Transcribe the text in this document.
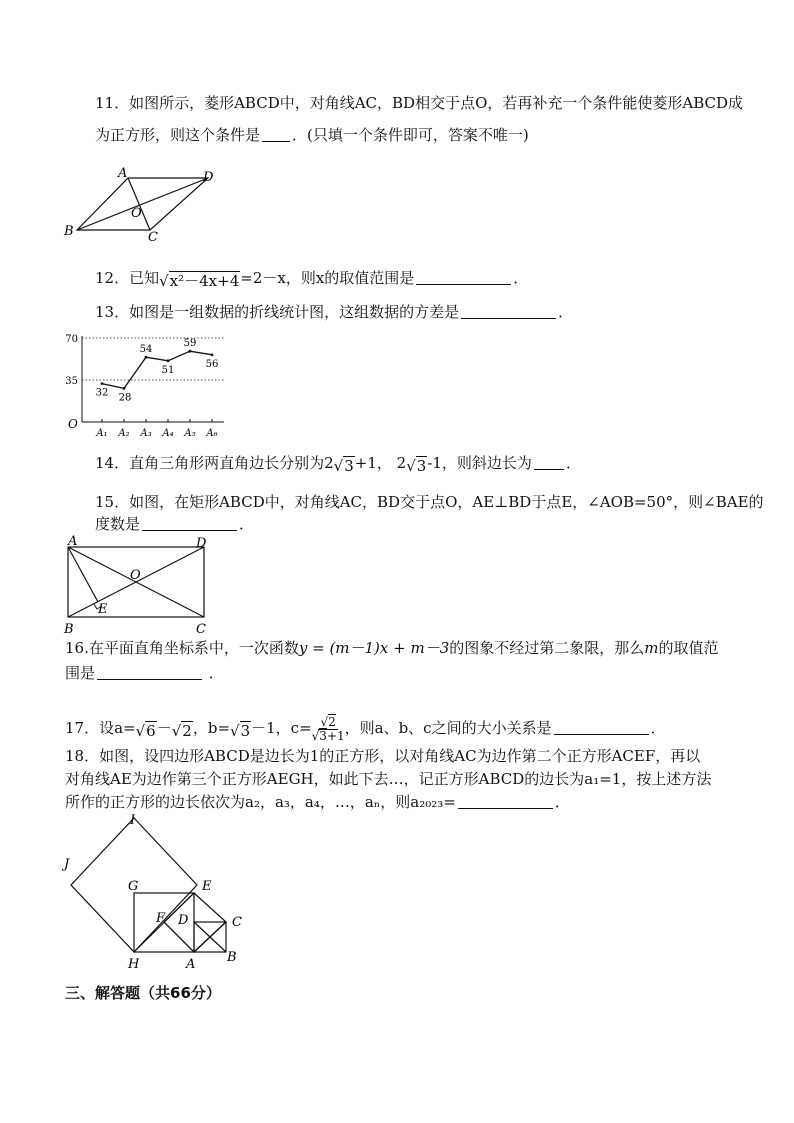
11．如图所示，菱形ABCD中，对角线AC，BD相交于点O，若再补充一个条件能使菱形ABCD成
为正方形，则这个条件是 ．(只填一个条件即可，答案不唯一)
A	D
B	C
O
12．已知√x²－4x+4=2－x，则x的取值范围是	．
13．如图是一组数据的折线统计图，这组数据的方差是	．
35
70
O
32
A₁
28
A₂
54
A₃
51
A₄
59
A₅
56
A₆
14．直角三角形两直角边长分别为2√3+1， 2√3-1，则斜边长为 ．
15．如图，在矩形ABCD中，对角线AC，BD交于点O，AE⊥BD于点E，∠AOB=50°，则∠BAE的
度数是	．
A	D
B	C
O
E
16.在平面直角坐标系中，一次函数y = (m－1)x + m－3的图象不经过第二象限，那么m的取值范
围是	．
17．设a=√6－√2，b=√3－1，$c= \frac{√2}{√3+1}$ ，则a、b、c之间的大小关系是	．
18．如图，设四边形ABCD是边长为1的正方形，以对角线AC为边作第二个正方形ACEF，再以
对角线AE为边作第三个正方形AEGH，如此下去…，记正方形ABCD的边长为a₁=1，按上述方法
所作的正方形的边长依次为a₂，a₃，a₄，…，aₙ，则a₂₀₂₃=	．
I
J
G	E
F D	C
H	A B
三、解答题（共66分）
